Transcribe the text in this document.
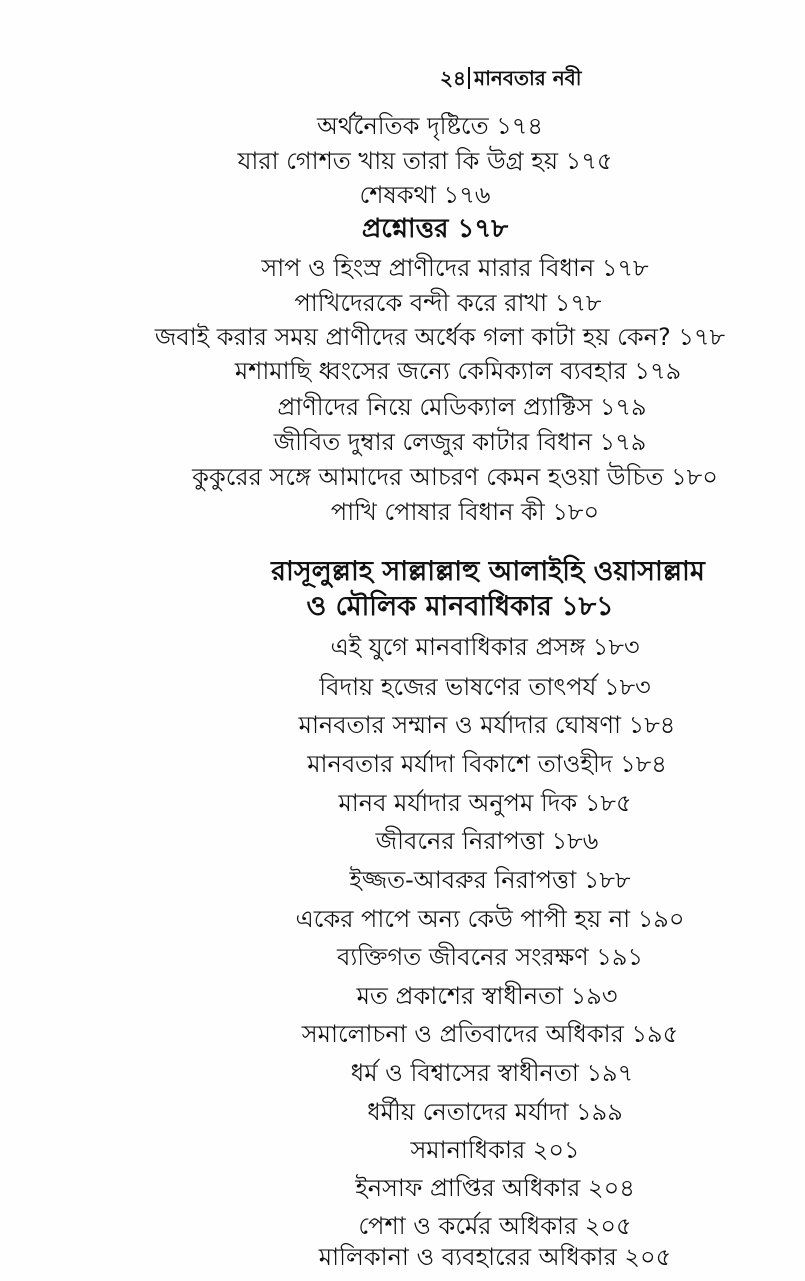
২৪ মানবতার নবী
অর্থনৈতিক দৃষ্টিতে ১৭৪
যারা গোশত খায় তারা কি উগ্র হয় ১৭৫
শেষকথা ১৭৬
প্রশ্নোত্তর ১৭৮
সাপ ও হিংস্র প্রাণীদের মারার বিধান ১৭৮
পাখিদেরকে বন্দী করে রাখা ১৭৮
জবাই করার সময় প্রাণীদের অর্ধেক গলা কাটা হয় কেন? ১৭৮
মশামাছি ধ্বংসের জন্যে কেমিক্যাল ব্যবহার ১৭৯
প্রাণীদের নিয়ে মেডিক্যাল প্র্যাক্টিস ১৭৯
জীবিত দুম্বার লেজুর কাটার বিধান ১৭৯
কুকুরের সঙ্গে আমাদের আচরণ কেমন হওয়া উচিত ১৮০
পাখি পোষার বিধান কী ১৮০
রাসূলুল্লাহ সাল্লাল্লাহু আলাইহি ওয়াসাল্লাম
ও মৌলিক মানবাধিকার ১৮১
এই যুগে মানবাধিকার প্রসঙ্গ ১৮৩
বিদায় হজের ভাষণের তাৎপর্য ১৮৩
মানবতার সম্মান ও মর্যাদার ঘোষণা ১৮৪
মানবতার মর্যাদা বিকাশে তাওহীদ ১৮৪
মানব মর্যাদার অনুপম দিক ১৮৫
জীবনের নিরাপত্তা ১৮৬
ইজ্জত-আবরুর নিরাপত্তা ১৮৮
একের পাপে অন্য কেউ পাপী হয় না ১৯০
ব্যক্তিগত জীবনের সংরক্ষণ ১৯১
মত প্রকাশের স্বাধীনতা ১৯৩
সমালোচনা ও প্রতিবাদের অধিকার ১৯৫
ধর্ম ও বিশ্বাসের স্বাধীনতা ১৯৭
ধর্মীয় নেতাদের মর্যাদা ১৯৯
সমানাধিকার ২০১
ইনসাফ প্রাপ্তির অধিকার ২০৪
পেশা ও কর্মের অধিকার ২০৫
মালিকানা ও ব্যবহারের অধিকার ২০৫
